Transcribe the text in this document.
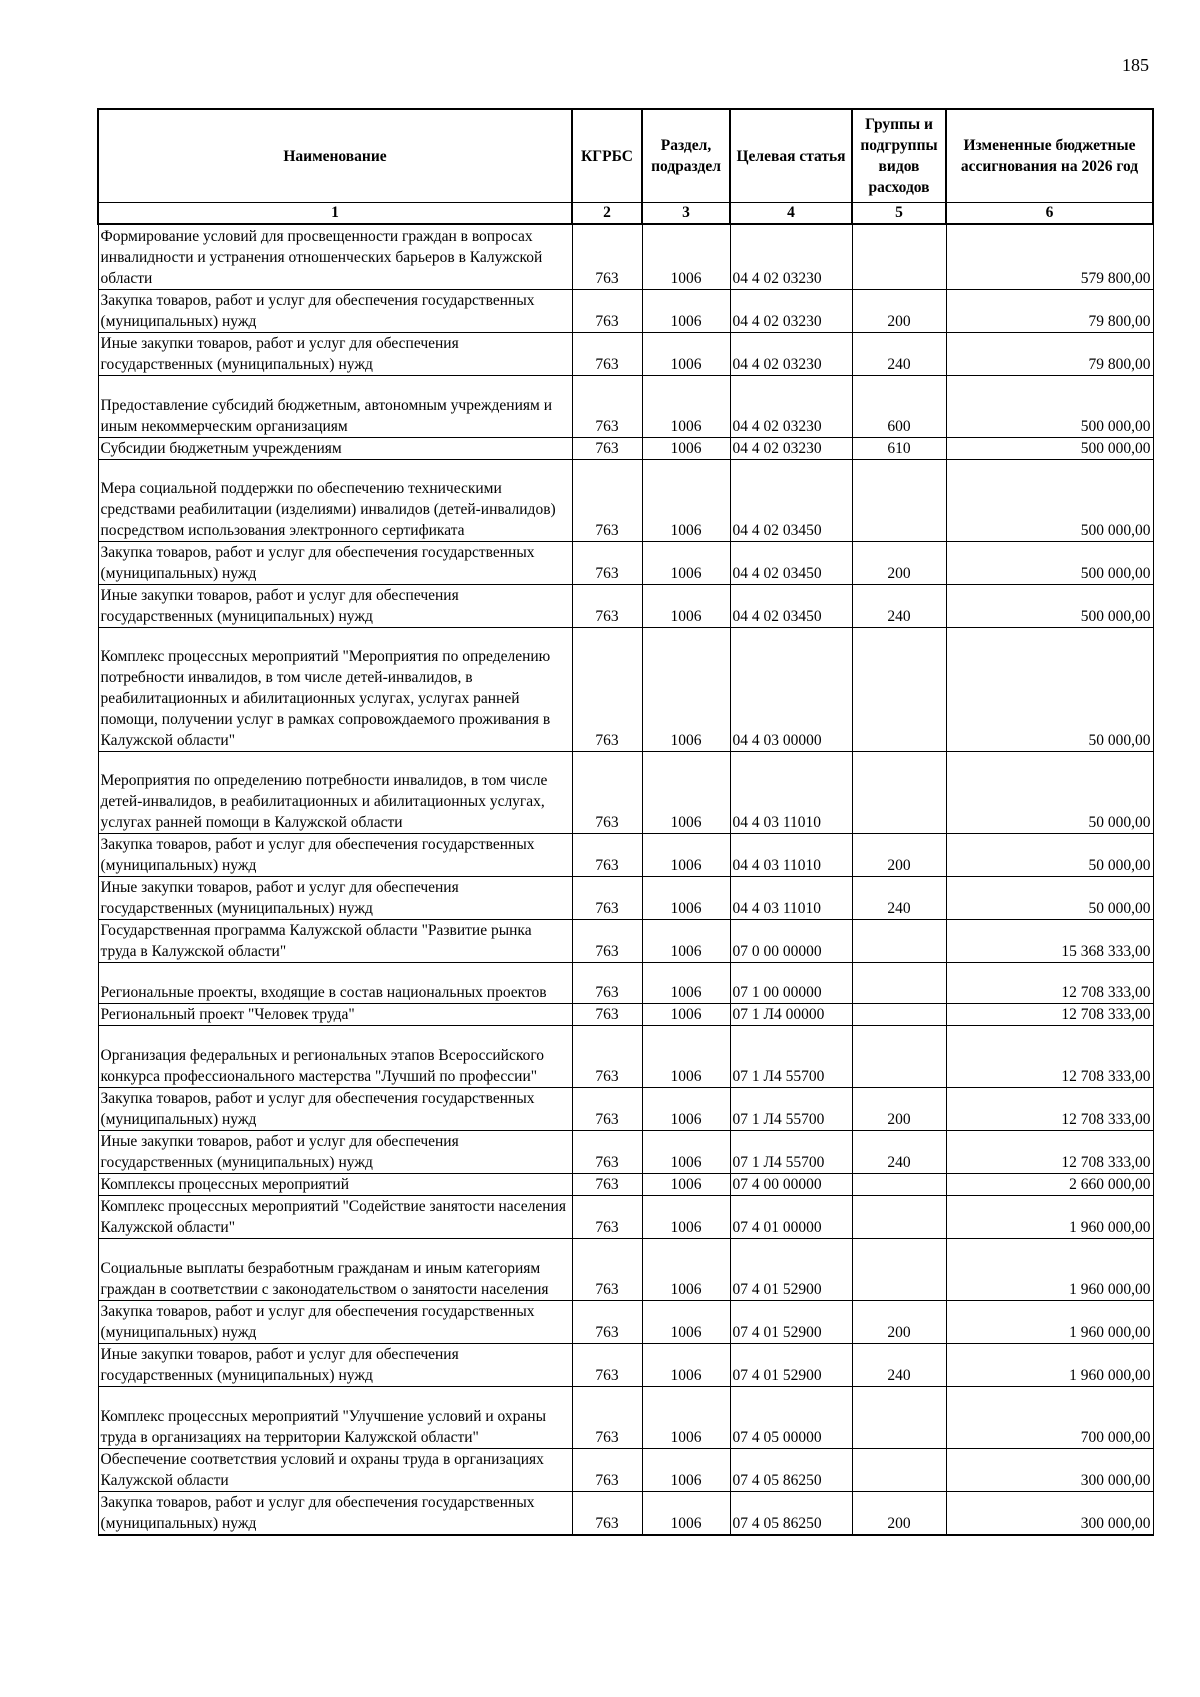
185
Наименование	КГРБС	Раздел, подраздел	Целевая статья	Группы и подгруппы видов расходов	Измененные бюджетные ассигнования на 2026 год
1	2	3	4	5	6
Формирование условий для просвещенности граждан в вопросах инвалидности и устранения отношенческих барьеров в Калужской области	763	1006	04 4 02 03230		579 800,00
Закупка товаров, работ и услуг для обеспечения государственных (муниципальных) нужд	763	1006	04 4 02 03230	200	79 800,00
Иные закупки товаров, работ и услуг для обеспечения государственных (муниципальных) нужд	763	1006	04 4 02 03230	240	79 800,00
Предоставление субсидий бюджетным, автономным учреждениям и иным некоммерческим организациям	763	1006	04 4 02 03230	600	500 000,00
Субсидии бюджетным учреждениям	763	1006	04 4 02 03230	610	500 000,00
Мера социальной поддержки по обеспечению техническими средствами реабилитации (изделиями) инвалидов (детей-инвалидов) посредством использования электронного сертификата	763	1006	04 4 02 03450		500 000,00
Закупка товаров, работ и услуг для обеспечения государственных (муниципальных) нужд	763	1006	04 4 02 03450	200	500 000,00
Иные закупки товаров, работ и услуг для обеспечения государственных (муниципальных) нужд	763	1006	04 4 02 03450	240	500 000,00
Комплекс процессных мероприятий "Мероприятия по определению потребности инвалидов, в том числе детей-инвалидов, в реабилитационных и абилитационных услугах, услугах ранней помощи, получении услуг в рамках сопровождаемого проживания в Калужской области"	763	1006	04 4 03 00000		50 000,00
Мероприятия по определению потребности инвалидов, в том числе детей-инвалидов, в реабилитационных и абилитационных услугах, услугах ранней помощи в Калужской области	763	1006	04 4 03 11010		50 000,00
Закупка товаров, работ и услуг для обеспечения государственных (муниципальных) нужд	763	1006	04 4 03 11010	200	50 000,00
Иные закупки товаров, работ и услуг для обеспечения государственных (муниципальных) нужд	763	1006	04 4 03 11010	240	50 000,00
Государственная программа Калужской области "Развитие рынка труда в Калужской области"	763	1006	07 0 00 00000		15 368 333,00
Региональные проекты, входящие в состав национальных проектов	763	1006	07 1 00 00000		12 708 333,00
Региональный проект "Человек труда"	763	1006	07 1 Л4 00000		12 708 333,00
Организация федеральных и региональных этапов Всероссийского конкурса профессионального мастерства "Лучший по профессии"	763	1006	07 1 Л4 55700		12 708 333,00
Закупка товаров, работ и услуг для обеспечения государственных (муниципальных) нужд	763	1006	07 1 Л4 55700	200	12 708 333,00
Иные закупки товаров, работ и услуг для обеспечения государственных (муниципальных) нужд	763	1006	07 1 Л4 55700	240	12 708 333,00
Комплексы процессных мероприятий	763	1006	07 4 00 00000		2 660 000,00
Комплекс процессных мероприятий "Содействие занятости населения Калужской области"	763	1006	07 4 01 00000		1 960 000,00
Социальные выплаты безработным гражданам и иным категориям граждан в соответствии с законодательством о занятости населения	763	1006	07 4 01 52900		1 960 000,00
Закупка товаров, работ и услуг для обеспечения государственных (муниципальных) нужд	763	1006	07 4 01 52900	200	1 960 000,00
Иные закупки товаров, работ и услуг для обеспечения государственных (муниципальных) нужд	763	1006	07 4 01 52900	240	1 960 000,00
Комплекс процессных мероприятий "Улучшение условий и охраны труда в организациях на территории Калужской области"	763	1006	07 4 05 00000		700 000,00
Обеспечение соответствия условий и охраны труда в организациях Калужской области	763	1006	07 4 05 86250		300 000,00
Закупка товаров, работ и услуг для обеспечения государственных (муниципальных) нужд	763	1006	07 4 05 86250	200	300 000,00
